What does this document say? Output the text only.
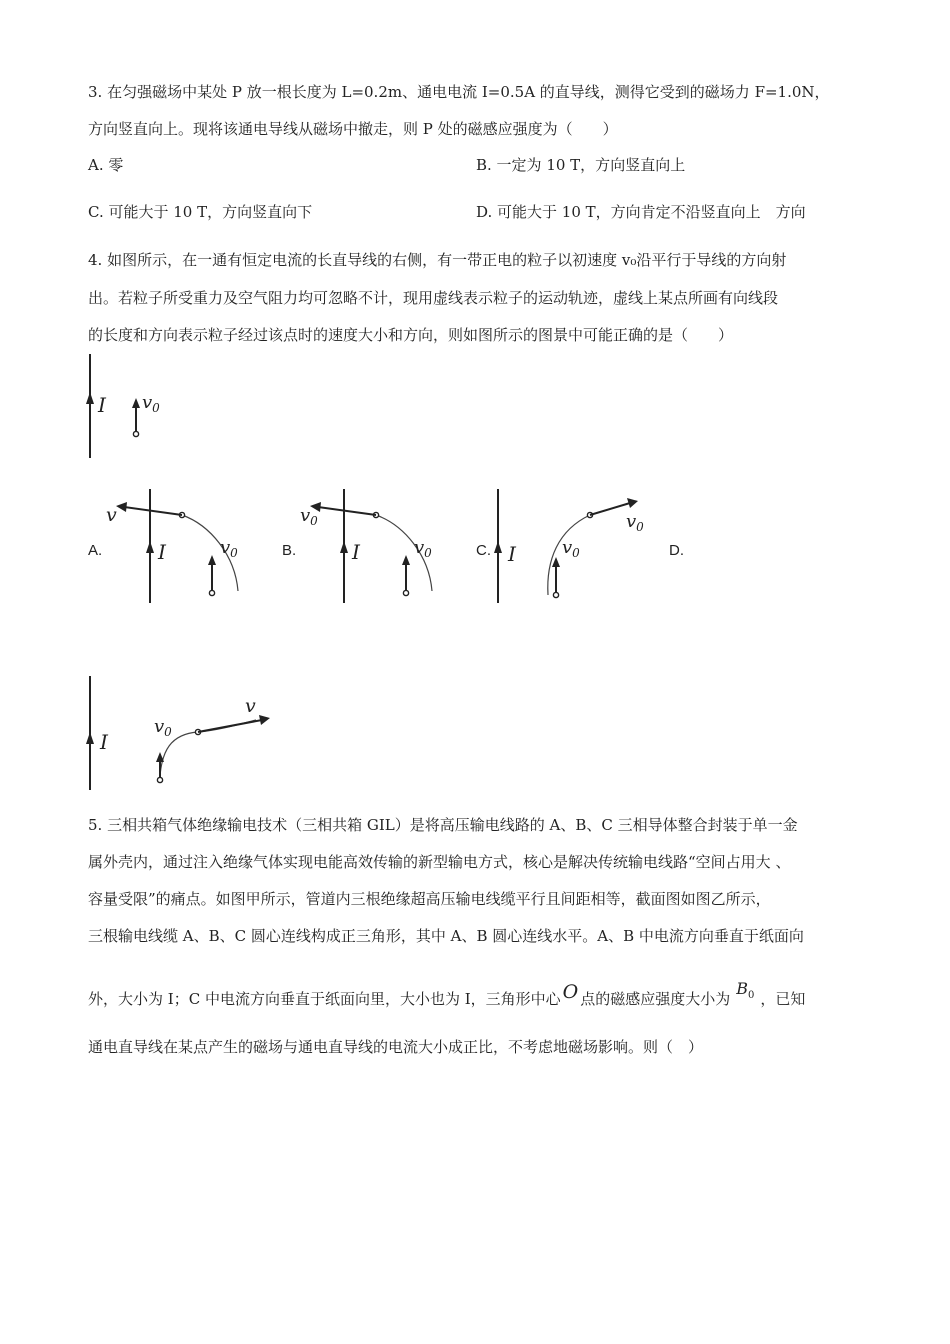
3. 在匀强磁场中某处 P 放一根长度为 L=0.2m、通电电流 I=0.5A 的直导线，测得它受到的磁场力 F=1.0N，
方向竖直向上。现将该通电导线从磁场中撤走，则 P 处的磁感应强度为（　　）
A. 零	B. 一定为 10 T，方向竖直向上
C. 可能大于 10 T，方向竖直向下	D. 可能大于 10 T，方向肯定不沿竖直向上　方向
4. 如图所示，在一通有恒定电流的长直导线的右侧，有一带正电的粒子以初速度 v₀沿平行于导线的方向射
出。若粒子所受重力及空气阻力均可忽略不计，现用虚线表示粒子的运动轨迹，虚线上某点所画有向线段
的长度和方向表示粒子经过该点时的速度大小和方向，则如图所示的图景中可能正确的是（　　）
I $v_0$
A.	I
v
$v_0$	B.	I
$v_0$
$v_0$	C. I
$v_0$
$v_0$	D.
I
v
$v_0$
5. 三相共箱气体绝缘输电技术（三相共箱 GIL）是将高压输电线路的 A、B、C 三相导体整合封装于单一金
属外壳内，通过注入绝缘气体实现电能高效传输的新型输电方式，核心是解决传统输电线路“空间占用大 、
容量受限”的痛点。如图甲所示，管道内三根绝缘超高压输电线缆平行且间距相等，截面图如图乙所示，
三根输电线缆 A、B、C 圆心连线构成正三角形，其中 A、B 圆心连线水平。A、B 中电流方向垂直于纸面向
外，大小为 I；C 中电流方向垂直于纸面向里，大小也为 I，三角形中心 O 点的磁感应强度大小为$B_0$ ，已知
通电直导线在某点产生的磁场与通电直导线的电流大小成正比，不考虑地磁场影响。则（　）
